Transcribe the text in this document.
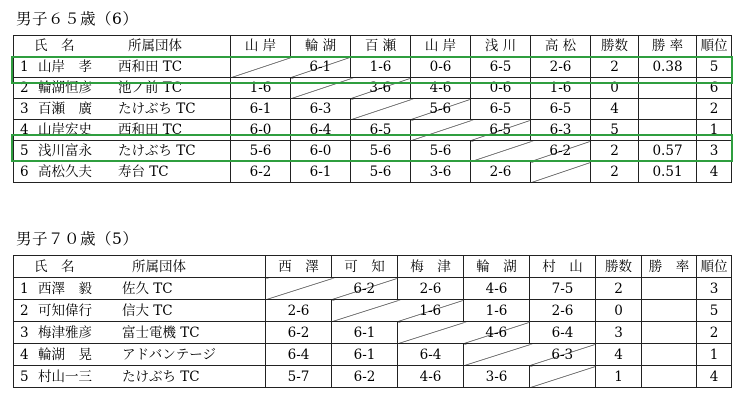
男子６５歳（6）
氏　名 所属団体	山 岸	輪 湖	百 瀬	山 岸	浅 川	高 松	勝数	勝 率	順位
1 山岸　孝 西和田 TC		6-1	1-6	0-6	6-5	2-6	2	0.38	5
2 輪湖恒彦 池ノ前 TC	1-6		3-6	4-6	0-6	1-6	0		6
3 百瀬　廣 たけぶち TC	6-1	6-3		5-6	6-5	6-5	4		2
4 山岸宏史 西和田 TC	6-0	6-4	6-5		6-5	6-3	5		1
5 浅川富永 たけぶち TC	5-6	6-0	5-6	5-6		6-2	2	0.57	3
6 高松久夫 寿台 TC	6-2	6-1	5-6	3-6	2-6		2	0.51	4
男子７０歳（5）
氏　名 所属団体	西　澤	可　知	梅　津	輪　湖	村　山	勝数	勝　率	順位
1 西澤　毅 佐久 TC		6-2	2-6	4-6	7-5	2		3
2 可知偉行 信大 TC	2-6		1-6	1-6	2-6	0		5
3 梅津雅彦 富士電機 TC	6-2	6-1		4-6	6-4	3		2
4 輪湖　晃 アドバンテージ	6-4	6-1	6-4		6-3	4		1
5 村山一三 たけぶち TC	5-7	6-2	4-6	3-6		1		4
